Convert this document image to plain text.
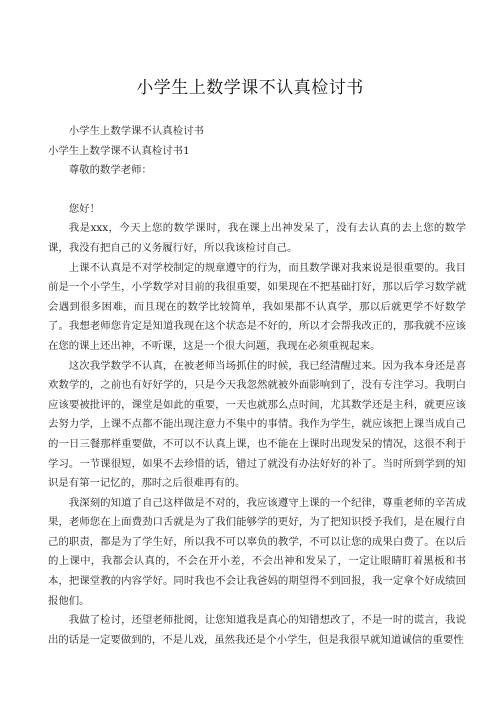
小学生上数学课不认真检讨书

小学生上数学课不认真检讨书

小学生上数学课不认真检讨书1

尊敬的数学老师：

您好！

我是xxx，今天上您的数学课时，我在课上出神发呆了，没有去认真的去上您的数学课，我没有把自己的义务履行好，所以我该检讨自己。

上课不认真是不对学校制定的规章遵守的行为，而且数学课对我来说是很重要的。我目前是一个小学生，小学数学对目前的我很重要，如果现在不把基础打好，那以后学习数学就会遇到很多困难，而且现在的数学比较简单，我如果都不认真学，那以后就更学不好数学了。我想老师您肯定是知道我现在这个状态是不好的，所以才会帮我改正的，那我就不应该在您的课上还出神，不听课，这是一个很大问题，我现在必须重视起来。

这次我学数学不认真，在被老师当场抓住的时候，我已经清醒过来。因为我本身还是喜欢数学的，之前也有好好学的，只是今天我忽然就被外面影响到了，没有专注学习。我明白应该要被批评的，课堂是如此的重要，一天也就那么点时间，尤其数学还是主科，就更应该去努力学，上课不点都不能出现注意力不集中的事情。我作为学生，就应该把上课当成自己的一日三餐那样重要做，不可以不认真上课，也不能在上课时出现发呆的情况，这很不利于学习。一节课很短，如果不去珍惜的话，错过了就没有办法好好的补了。当时所到学到的知识是有第一记忆的，那时之后很难再有的。

我深刻的知道了自己这样做是不对的，我应该遵守上课的一个纪律，尊重老师的辛苦成果，老师您在上面费劲口舌就是为了我们能够学的更好，为了把知识授予我们，是在履行自己的职责，都是为了学生好，所以我不可以辜负的教学，不可以让您的成果白费了。在以后的上课中，我都会认真的，不会在开小差，不会出神和发呆了，一定让眼睛盯着黑板和书本，把课堂教的内容学好。同时我也不会让我爸妈的期望得不到回报，我一定拿个好成绩回报他们。

我做了检讨，还望老师批阅，让您知道我是真心的知错想改了，不是一时的谎言，我说出的话是一定要做到的，不是儿戏，虽然我还是个小学生，但是我很早就知道诚信的重要性
